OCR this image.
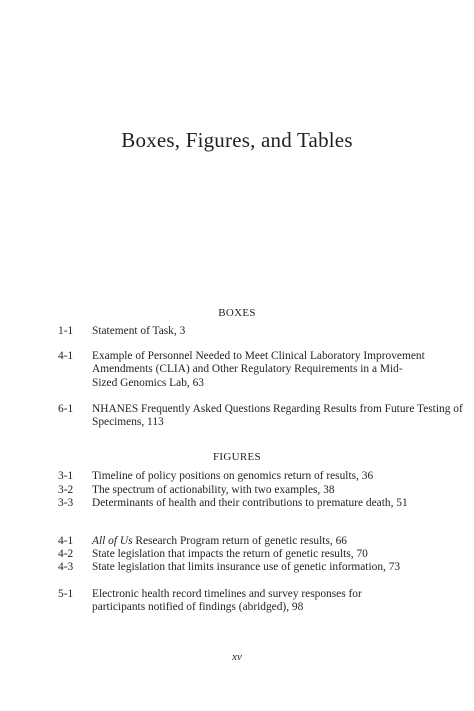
Boxes, Figures, and Tables
BOXES
1-1	Statement of Task, 3
4-1	Example of Personnel Needed to Meet Clinical Laboratory Improvement Amendments (CLIA) and Other Regulatory Requirements in a Mid-Sized Genomics Lab, 63
6-1	NHANES Frequently Asked Questions Regarding Results from Future Testing of Specimens, 113
FIGURES
3-1	Timeline of policy positions on genomics return of results, 36
3-2	The spectrum of actionability, with two examples, 38
3-3	Determinants of health and their contributions to premature death, 51
4-1	All of Us Research Program return of genetic results, 66
4-2	State legislation that impacts the return of genetic results, 70
4-3	State legislation that limits insurance use of genetic information, 73
5-1	Electronic health record timelines and survey responses for participants notified of findings (abridged), 98
xv
